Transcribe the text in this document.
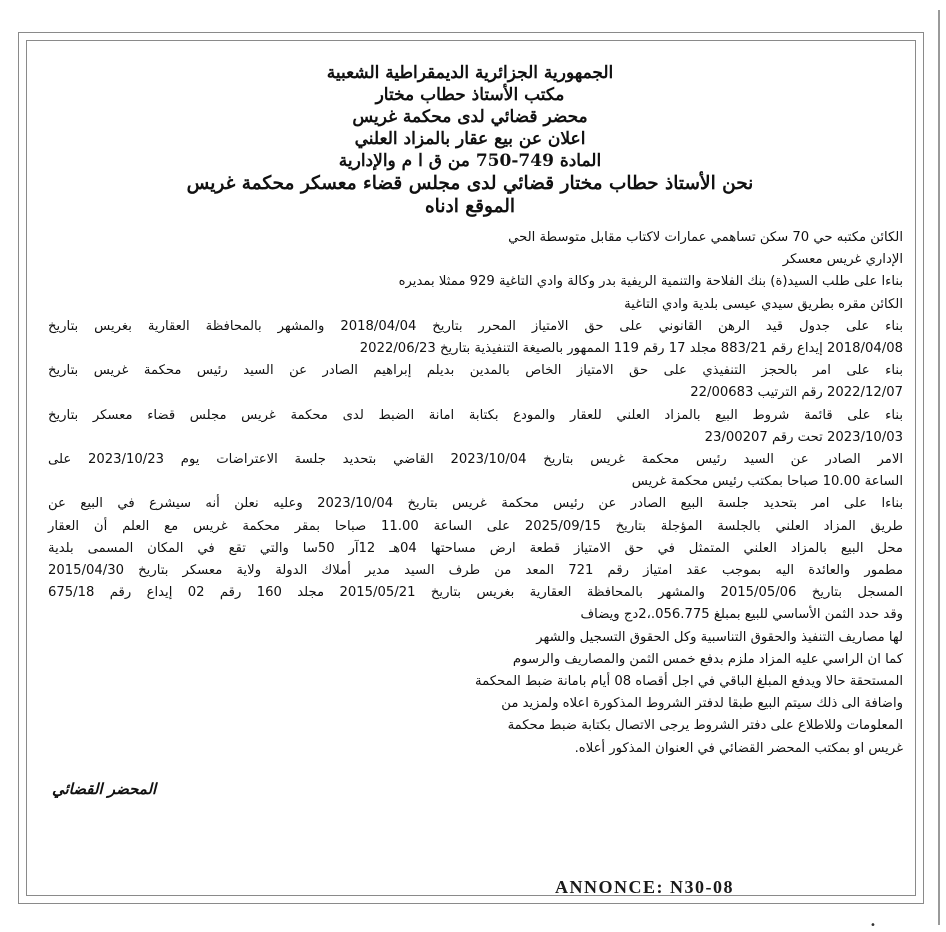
الجمهورية الجزائرية الديمقراطية الشعبية
مكتب الأستاذ حطاب مختار
محضر قضائي لدى محكمة غريس
اعلان عن بيع عقار بالمزاد العلني
المادة 749-750 من ق ا م والإدارية
نحن الأستاذ حطاب مختار قضائي لدى مجلس قضاء معسكر محكمة غريس
الموقع ادناه
الكائن مكتبه حي 70 سكن تساهمي عمارات لاكتاب مقابل متوسطة الحي
الإداري غريس معسكر
بناءا على طلب السيد(ة) بنك الفلاحة والتنمية الريفية بدر وكالة وادي التاغية 929 ممثلا بمديره
الكائن مقره بطريق سيدي عيسى بلدية وادي التاغية
بناء على جدول قيد الرهن القانوني على حق الامتياز المحرر بتاريخ 2018/04/04 والمشهر بالمحافظة العقارية بغريس بتاريخ
2018/04/08 إيداع رقم 883/21 مجلد 17 رقم 119 الممهور بالصيغة التنفيذية بتاريخ 2022/06/23
بناء على امر بالحجز التنفيذي على حق الامتياز الخاص بالمدين بديلم إبراهيم الصادر عن السيد رئيس محكمة غريس بتاريخ
2022/12/07 رقم الترتيب 22/00683
بناء على قائمة شروط البيع بالمزاد العلني للعقار والمودع بكتابة امانة الضبط لدى محكمة غريس مجلس قضاء معسكر بتاريخ
2023/10/03 تحت رقم 23/00207
الامر الصادر عن السيد رئيس محكمة غريس بتاريخ 2023/10/04 القاضي بتحديد جلسة الاعتراضات يوم 2023/10/23 على
الساعة 10.00 صباحا بمكتب رئيس محكمة غريس
بناءا على امر بتحديد جلسة البيع الصادر عن رئيس محكمة غريس بتاريخ 2023/10/04 وعليه نعلن أنه سيشرع في البيع عن
طريق المزاد العلني بالجلسة المؤجلة بتاريخ 2025/09/15 على الساعة 11.00 صباحا بمقر محكمة غريس مع العلم أن العقار
محل البيع بالمزاد العلني المتمثل في حق الامتياز قطعة ارض مساحتها 04هـ 12آر 50سا والتي تقع في المكان المسمى بلدية
مطمور والعائدة اليه بموجب عقد امتياز رقم 721 المعد من طرف السيد مدير أملاك الدولة ولاية معسكر بتاريخ 2015/04/30
المسجل بتاريخ 2015/05/06 والمشهر بالمحافظة العقارية بغريس بتاريخ 2015/05/21 مجلد 160 رقم 02 إيداع رقم 675/18
وقد حدد الثمن الأساسي للبيع بمبلغ 056.775.،2دج ويضاف
لها مصاريف التنفيذ والحقوق التناسبية وكل الحقوق التسجيل والشهر
كما ان الراسي عليه المزاد ملزم بدفع خمس الثمن والمصاريف والرسوم
المستحقة حالا ويدفع المبلغ الباقي في اجل أقصاه 08 أيام بامانة ضبط المحكمة
واضافة الى ذلك سيتم البيع طبقا لدفتر الشروط المذكورة اعلاه ولمزيد من
المعلومات وللاطلاع على دفتر الشروط يرجى الاتصال بكتابة ضبط محكمة
غريس او بمكتب المحضر القضائي في العنوان المذكور أعلاه.
المحضر القضائي
ANNONCE: N30-08
•
